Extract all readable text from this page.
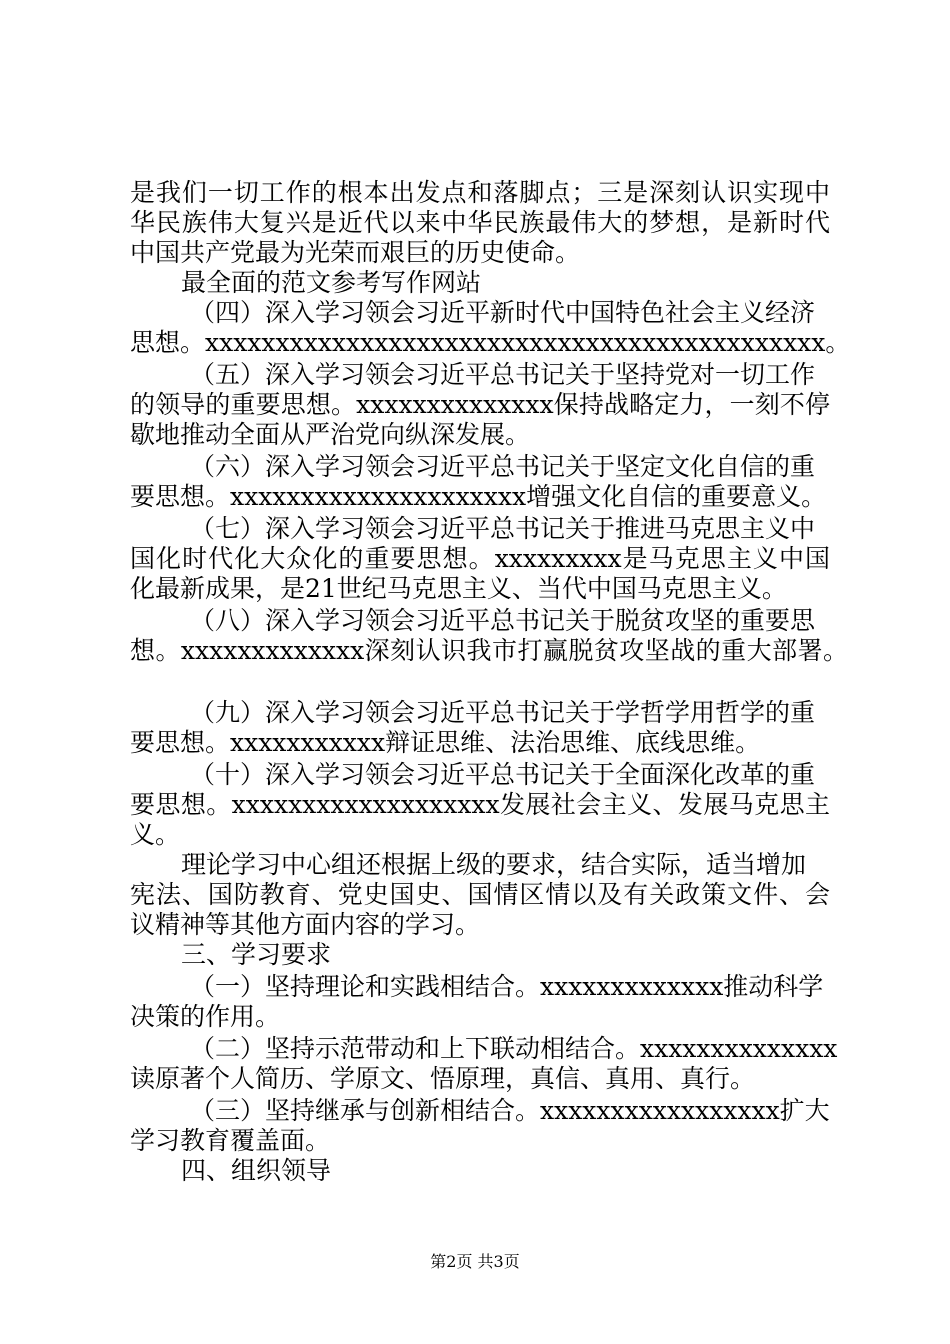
是我们一切工作的根本出发点和落脚点；三是深刻认识实现中
华民族伟大复兴是近代以来中华民族最伟大的梦想，是新时代
中国共产党最为光荣而艰巨的历史使命。
最全面的范文参考写作网站
（四）深入学习领会习近平新时代中国特色社会主义经济
思想。xxxxxxxxxxxxxxxxxxxxxxxxxxxxxxxxxxxxxxxxxxxx。
（五）深入学习领会习近平总书记关于坚持党对一切工作
的领导的重要思想。xxxxxxxxxxxxxx保持战略定力，一刻不停
歇地推动全面从严治党向纵深发展。
（六）深入学习领会习近平总书记关于坚定文化自信的重
要思想。xxxxxxxxxxxxxxxxxxxxx增强文化自信的重要意义。
（七）深入学习领会习近平总书记关于推进马克思主义中
国化时代化大众化的重要思想。xxxxxxxxx是马克思主义中国
化最新成果，是21世纪马克思主义、当代中国马克思主义。
（八）深入学习领会习近平总书记关于脱贫攻坚的重要思
想。xxxxxxxxxxxxx深刻认识我市打赢脱贫攻坚战的重大部署。
（九）深入学习领会习近平总书记关于学哲学用哲学的重
要思想。xxxxxxxxxxx辩证思维、法治思维、底线思维。
（十）深入学习领会习近平总书记关于全面深化改革的重
要思想。xxxxxxxxxxxxxxxxxxx发展社会主义、发展马克思主
义。
理论学习中心组还根据上级的要求，结合实际，适当增加
宪法、国防教育、党史国史、国情区情以及有关政策文件、会
议精神等其他方面内容的学习。
三、学习要求
（一）坚持理论和实践相结合。xxxxxxxxxxxxx推动科学
决策的作用。
（二）坚持示范带动和上下联动相结合。xxxxxxxxxxxxxx
读原著个人简历、学原文、悟原理，真信、真用、真行。
（三）坚持继承与创新相结合。xxxxxxxxxxxxxxxxx扩大
学习教育覆盖面。
四、组织领导
第2页 共3页
